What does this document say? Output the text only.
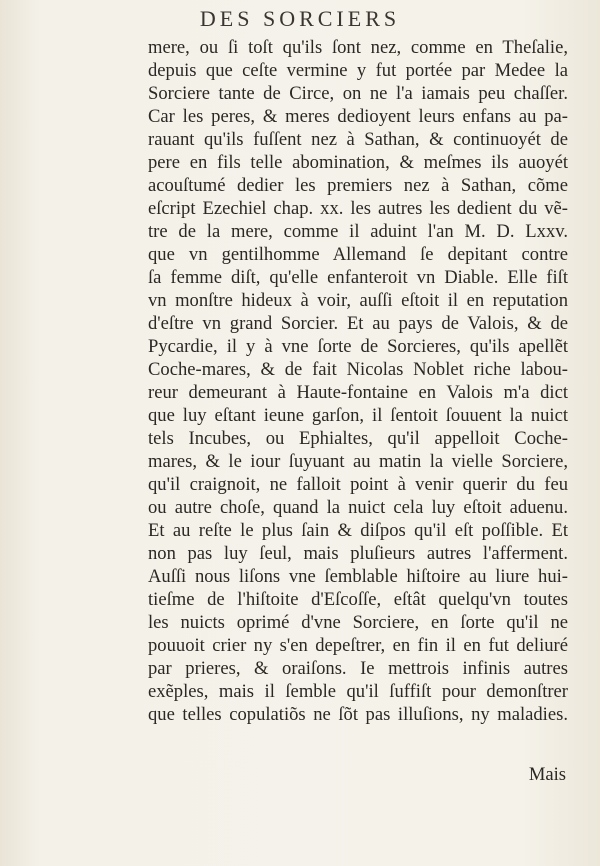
DES SORCIERS
mere, ou ſi toſt qu'ils ſont nez, comme en Theſalie,
depuis que ceſte vermine y fut portée par Medee la
Sorciere tante de Circe, on ne l'a iamais peu chaſſer.
Car les peres, & meres dedioyent leurs enfans au pa-
rauant qu'ils fuſſent nez à Sathan, & continuoyét de
pere en fils telle abomination, & meſmes ils auoyét
acouſtumé dedier les premiers nez à Sathan, cõme
eſcript Ezechiel chap. xx. les autres les dedient du vẽ-
tre de la mere, comme il aduint l'an M. D. Lxxv.
que vn gentilhomme Allemand ſe depitant contre
ſa femme diſt, qu'elle enfanteroit vn Diable. Elle fiſt
vn monſtre hideux à voir, auſſi eſtoit il en reputation
d'eſtre vn grand Sorcier. Et au pays de Valois, & de
Pycardie, il y à vne ſorte de Sorcieres, qu'ils apellẽt
Coche-mares, & de fait Nicolas Noblet riche labou-
reur demeurant à Haute-fontaine en Valois m'a dict
que luy eſtant ieune garſon, il ſentoit ſouuent la nuict
tels Incubes, ou Ephialtes, qu'il appelloit Coche-
mares, & le iour ſuyuant au matin la vielle Sorciere,
qu'il craignoit, ne falloit point à venir querir du feu
ou autre choſe, quand la nuict cela luy eſtoit aduenu.
Et au reſte le plus ſain & diſpos qu'il eſt poſſible. Et
non pas luy ſeul, mais pluſieurs autres l'afferment.
Auſſi nous liſons vne ſemblable hiſtoire au liure hui-
tieſme de l'hiſtoite d'Eſcoſſe, eſtât quelqu'vn toutes
les nuicts oprimé d'vne Sorciere, en ſorte qu'il ne
pouuoit crier ny s'en depeſtrer, en fin il en fut deliuré
par prieres, & oraiſons. Ie mettrois infinis autres
exẽples, mais il ſemble qu'il ſuffiſt pour demonſtrer
que telles copulatiõs ne ſõt pas illuſions, ny maladies.
Mais
